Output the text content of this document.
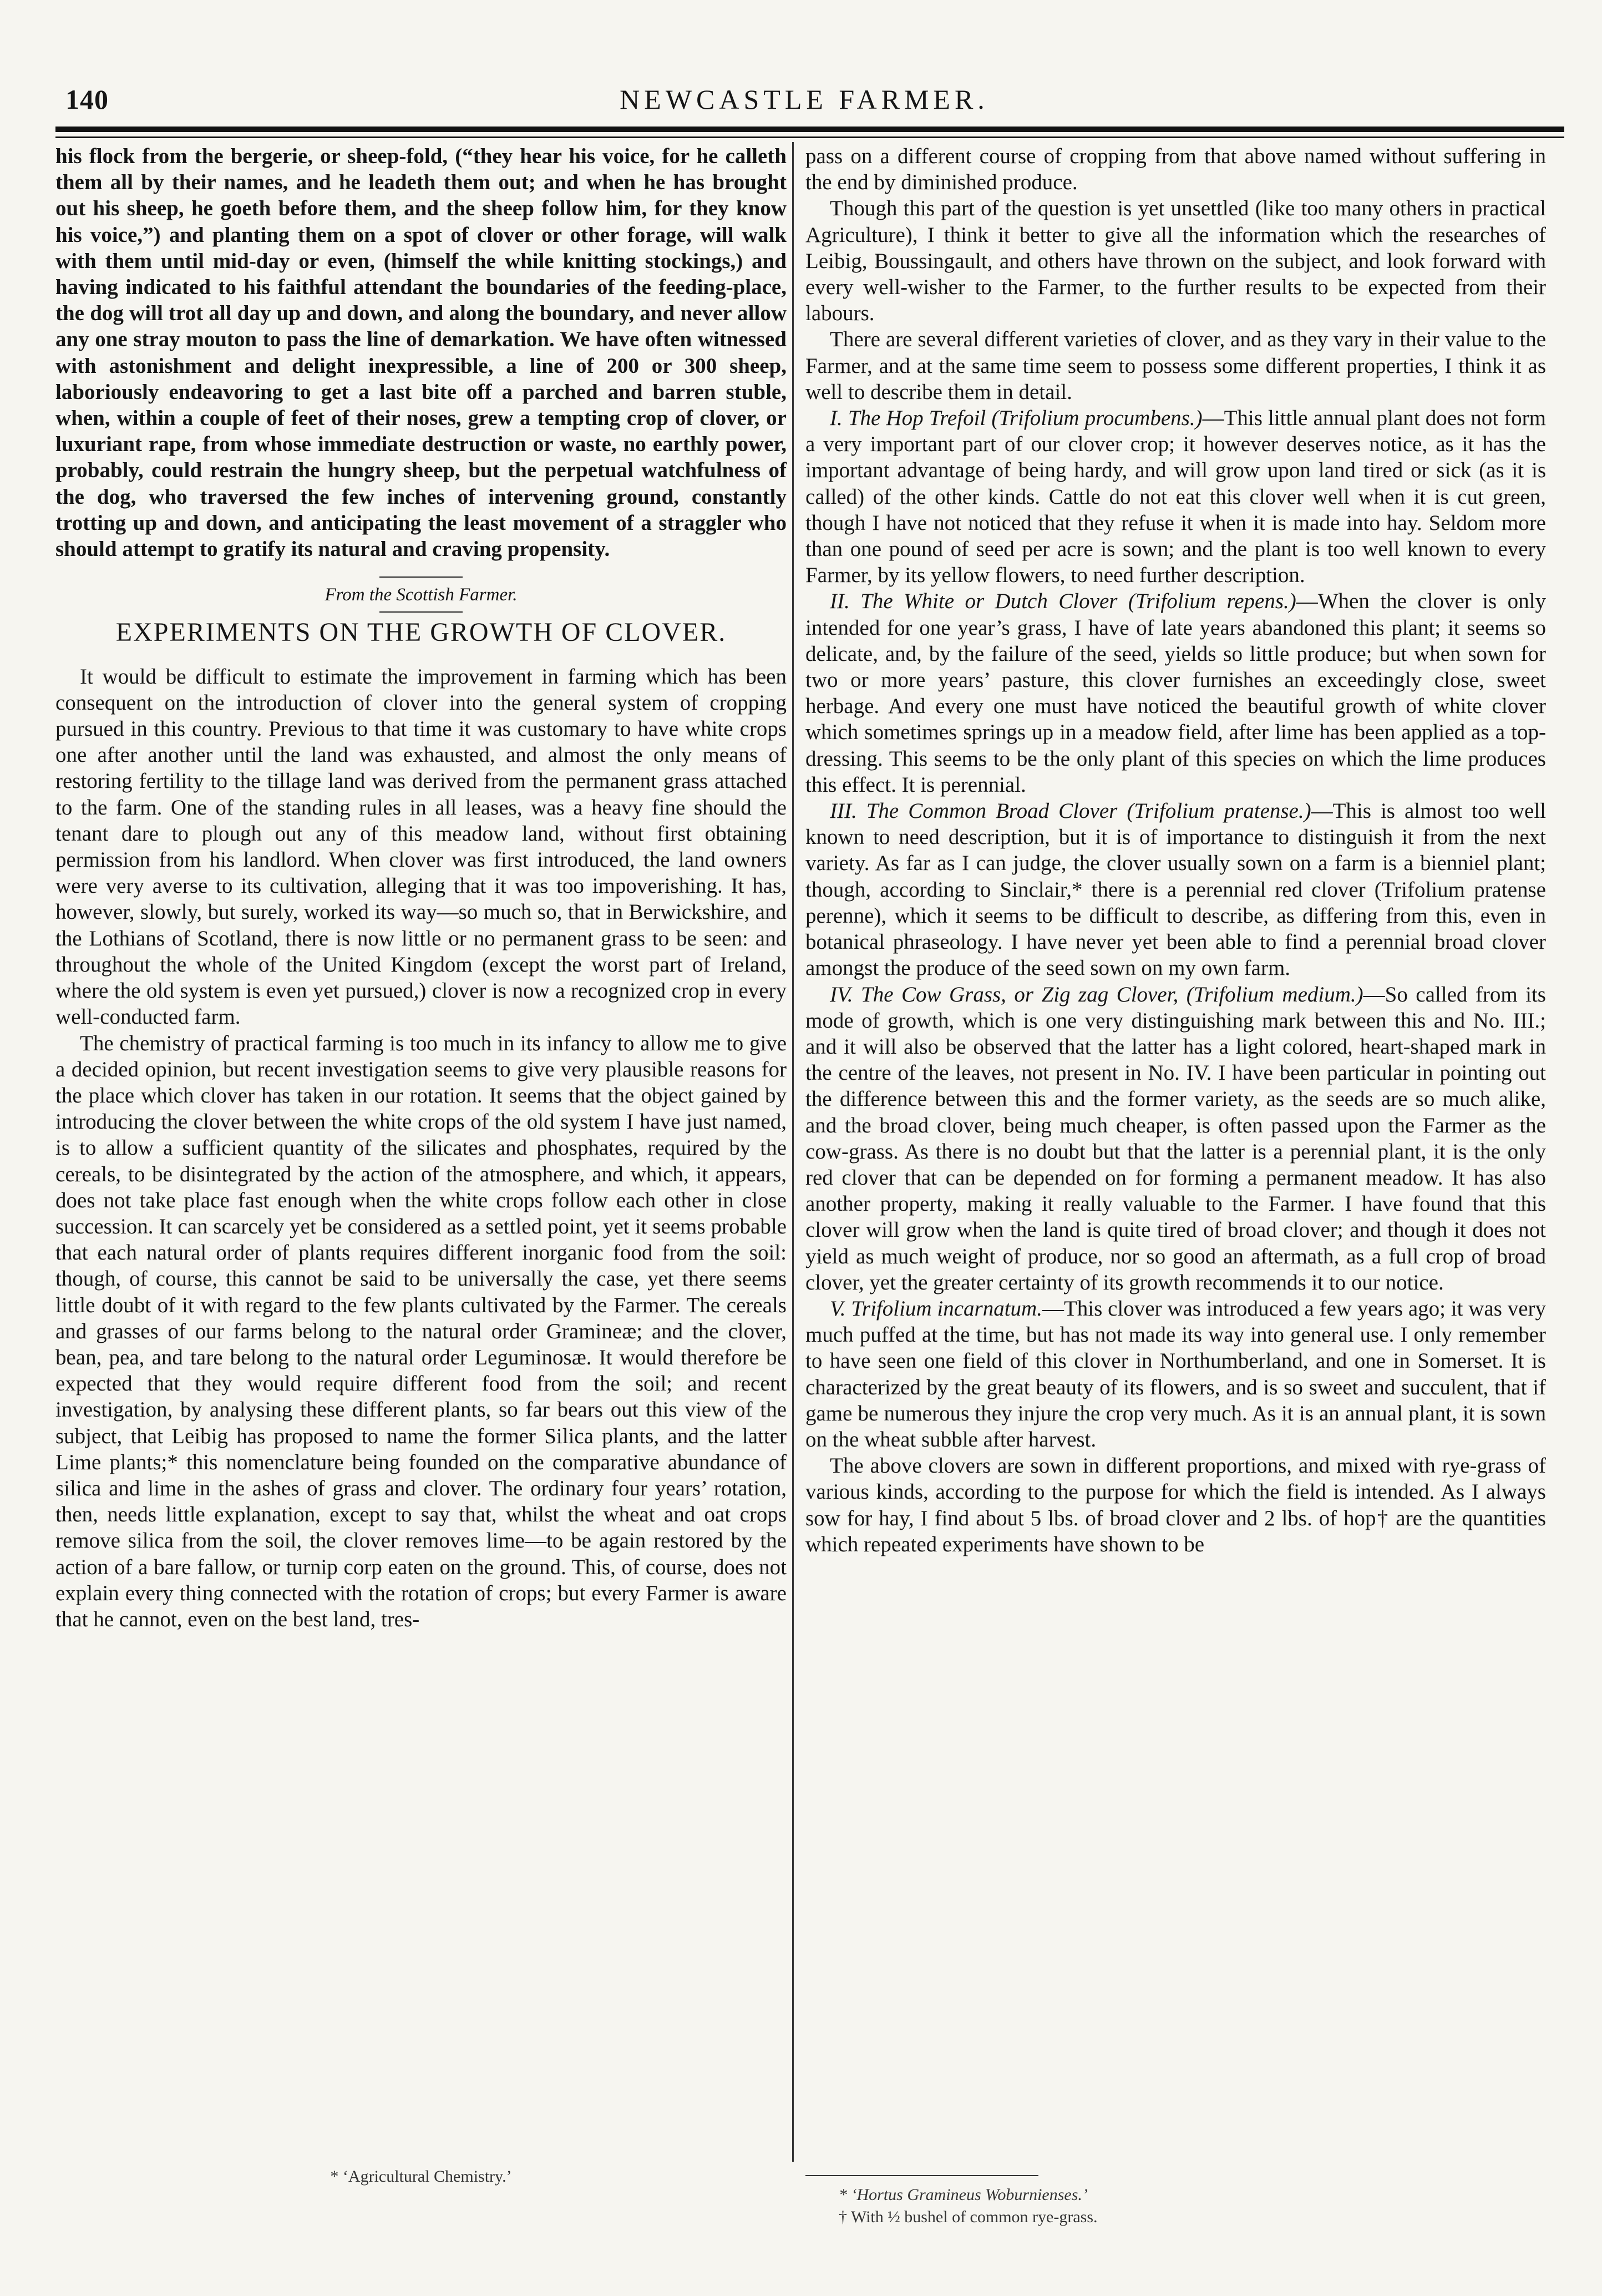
140	NEWCASTLE FARMER.

his flock from the bergerie, or sheep-fold, (“they hear his voice, for he calleth them all by their names, and he leadeth them out; and when he has brought out his sheep, he goeth before them, and the sheep follow him, for they know his voice,”) and planting them on a spot of clover or other forage, will walk with them until mid-day or even, (himself the while knitting stockings,) and having indicated to his faithful attendant the boundaries of the feeding-place, the dog will trot all day up and down, and along the boundary, and never allow any one stray mouton to pass the line of demarkation. We have often witnessed with astonishment and delight inexpressible, a line of 200 or 300 sheep, laboriously endeavoring to get a last bite off a parched and barren stuble, when, within a couple of feet of their noses, grew a tempting crop of clover, or luxuriant rape, from whose immediate destruction or waste, no earthly power, probably, could restrain the hungry sheep, but the perpetual watchfulness of the dog, who traversed the few inches of intervening ground, constantly trotting up and down, and anticipating the least movement of a straggler who should attempt to gratify its natural and craving propensity.

From the Scottish Farmer.
EXPERIMENTS ON THE GROWTH OF CLOVER.

It would be difficult to estimate the improvement in farming which has been consequent on the introduction of clover into the general system of cropping pursued in this country. Previous to that time it was customary to have white crops one after another until the land was exhausted, and almost the only means of restoring fertility to the tillage land was derived from the permanent grass attached to the farm. One of the standing rules in all leases, was a heavy fine should the tenant dare to plough out any of this meadow land, without first obtaining permission from his landlord. When clover was first introduced, the land owners were very averse to its cultivation, alleging that it was too impoverishing. It has, however, slowly, but surely, worked its way—so much so, that in Berwickshire, and the Lothians of Scotland, there is now little or no permanent grass to be seen: and throughout the whole of the United Kingdom (except the worst part of Ireland, where the old system is even yet pursued,) clover is now a recognized crop in every well-conducted farm.

The chemistry of practical farming is too much in its infancy to allow me to give a decided opinion, but recent investigation seems to give very plausible reasons for the place which clover has taken in our rotation. It seems that the object gained by introducing the clover between the white crops of the old system I have just named, is to allow a sufficient quantity of the silicates and phosphates, required by the cereals, to be disintegrated by the action of the atmosphere, and which, it appears, does not take place fast enough when the white crops follow each other in close succession. It can scarcely yet be considered as a settled point, yet it seems probable that each natural order of plants requires different inorganic food from the soil: though, of course, this cannot be said to be universally the case, yet there seems little doubt of it with regard to the few plants cultivated by the Farmer. The cereals and grasses of our farms belong to the natural order Gramineæ; and the clover, bean, pea, and tare belong to the natural order Leguminosæ. It would therefore be expected that they would require different food from the soil; and recent investigation, by analysing these different plants, so far bears out this view of the subject, that Leibig has proposed to name the former Silica plants, and the latter Lime plants;* this nomenclature being founded on the comparative abundance of silica and lime in the ashes of grass and clover. The ordinary four years’ rotation, then, needs little explanation, except to say that, whilst the wheat and oat crops remove silica from the soil, the clover removes lime—to be again restored by the action of a bare fallow, or turnip corp eaten on the ground. This, of course, does not explain every thing connected with the rotation of crops; but every Farmer is aware that he cannot, even on the best land, tres-

pass on a different course of cropping from that above named without suffering in the end by diminished produce.

Though this part of the question is yet unsettled (like too many others in practical Agriculture), I think it better to give all the information which the researches of Leibig, Boussingault, and others have thrown on the subject, and look forward with every well-wisher to the Farmer, to the further results to be expected from their labours.

There are several different varieties of clover, and as they vary in their value to the Farmer, and at the same time seem to possess some different properties, I think it as well to describe them in detail.

I. The Hop Trefoil (Trifolium procumbens.)—This little annual plant does not form a very important part of our clover crop; it however deserves notice, as it has the important advantage of being hardy, and will grow upon land tired or sick (as it is called) of the other kinds. Cattle do not eat this clover well when it is cut green, though I have not noticed that they refuse it when it is made into hay. Seldom more than one pound of seed per acre is sown; and the plant is too well known to every Farmer, by its yellow flowers, to need further description.

II. The White or Dutch Clover (Trifolium repens.)—When the clover is only intended for one year’s grass, I have of late years abandoned this plant; it seems so delicate, and, by the failure of the seed, yields so little produce; but when sown for two or more years’ pasture, this clover furnishes an exceedingly close, sweet herbage. And every one must have noticed the beautiful growth of white clover which sometimes springs up in a meadow field, after lime has been applied as a top-dressing. This seems to be the only plant of this species on which the lime produces this effect. It is perennial.

III. The Common Broad Clover (Trifolium pratense.)—This is almost too well known to need description, but it is of importance to distinguish it from the next variety. As far as I can judge, the clover usually sown on a farm is a bienniel plant; though, according to Sinclair,* there is a perennial red clover (Trifolium pratense perenne), which it seems to be difficult to describe, as differing from this, even in botanical phraseology. I have never yet been able to find a perennial broad clover amongst the produce of the seed sown on my own farm.

IV. The Cow Grass, or Zig zag Clover, (Trifolium medium.)—So called from its mode of growth, which is one very distinguishing mark between this and No. III.; and it will also be observed that the latter has a light colored, heart-shaped mark in the centre of the leaves, not present in No. IV. I have been particular in pointing out the difference between this and the former variety, as the seeds are so much alike, and the broad clover, being much cheaper, is often passed upon the Farmer as the cow-grass. As there is no doubt but that the latter is a perennial plant, it is the only red clover that can be depended on for forming a permanent meadow. It has also another property, making it really valuable to the Farmer. I have found that this clover will grow when the land is quite tired of broad clover; and though it does not yield as much weight of produce, nor so good an aftermath, as a full crop of broad clover, yet the greater certainty of its growth recommends it to our notice.

V. Trifolium incarnatum.—This clover was introduced a few years ago; it was very much puffed at the time, but has not made its way into general use. I only remember to have seen one field of this clover in Northumberland, and one in Somerset. It is characterized by the great beauty of its flowers, and is so sweet and succulent, that if game be numerous they injure the crop very much. As it is an annual plant, it is sown on the wheat subble after harvest.

The above clovers are sown in different proportions, and mixed with rye-grass of various kinds, according to the purpose for which the field is intended. As I always sow for hay, I find about 5 lbs. of broad clover and 2 lbs. of hop† are the quantities which repeated experiments have shown to be

* ‘Agricultural Chemistry.’
* ‘Hortus Gramineus Woburnienses.’
† With ½ bushel of common rye-grass.
